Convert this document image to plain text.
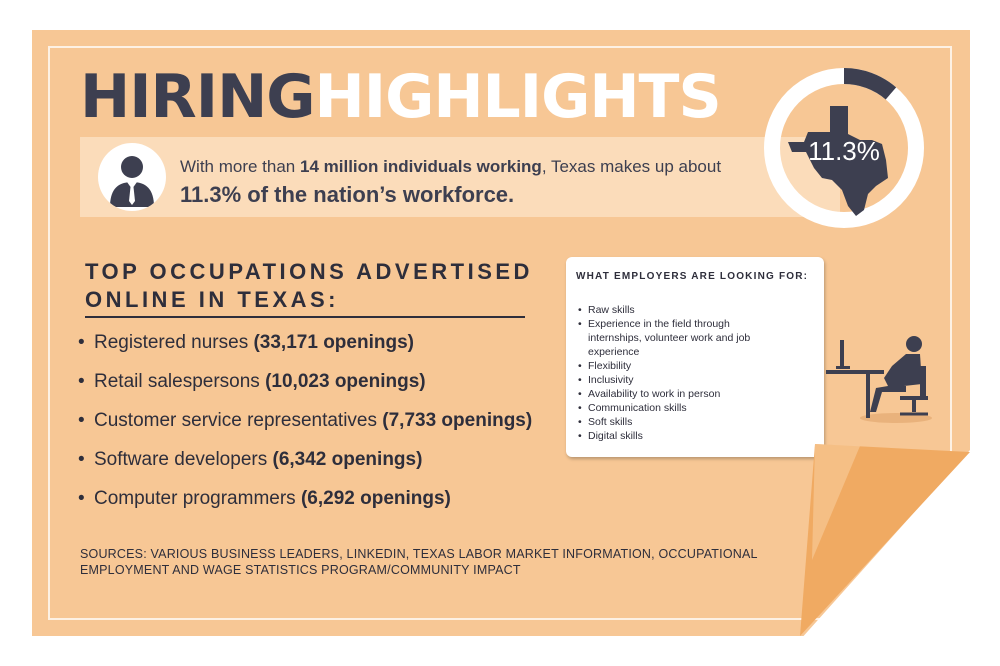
HIRINGHIGHLIGHTS
With more than 14 million individuals working, Texas makes up about
11.3% of the nation’s workforce.
11.3%
TOP OCCUPATIONS ADVERTISED
ONLINE IN TEXAS:
• Registered nurses (33,171 openings)
• Retail salespersons (10,023 openings)
• Customer service representatives (7,733 openings)
• Software developers (6,342 openings)
• Computer programmers (6,292 openings)
WHAT EMPLOYERS ARE LOOKING FOR:
• Raw skills
• Experience in the field through internships, volunteer work and job experience
• Flexibility
• Inclusivity
• Availability to work in person
• Communication skills
• Soft skills
• Digital skills
SOURCES: VARIOUS BUSINESS LEADERS, LINKEDIN, TEXAS LABOR MARKET INFORMATION, OCCUPATIONAL
EMPLOYMENT AND WAGE STATISTICS PROGRAM/COMMUNITY IMPACT
